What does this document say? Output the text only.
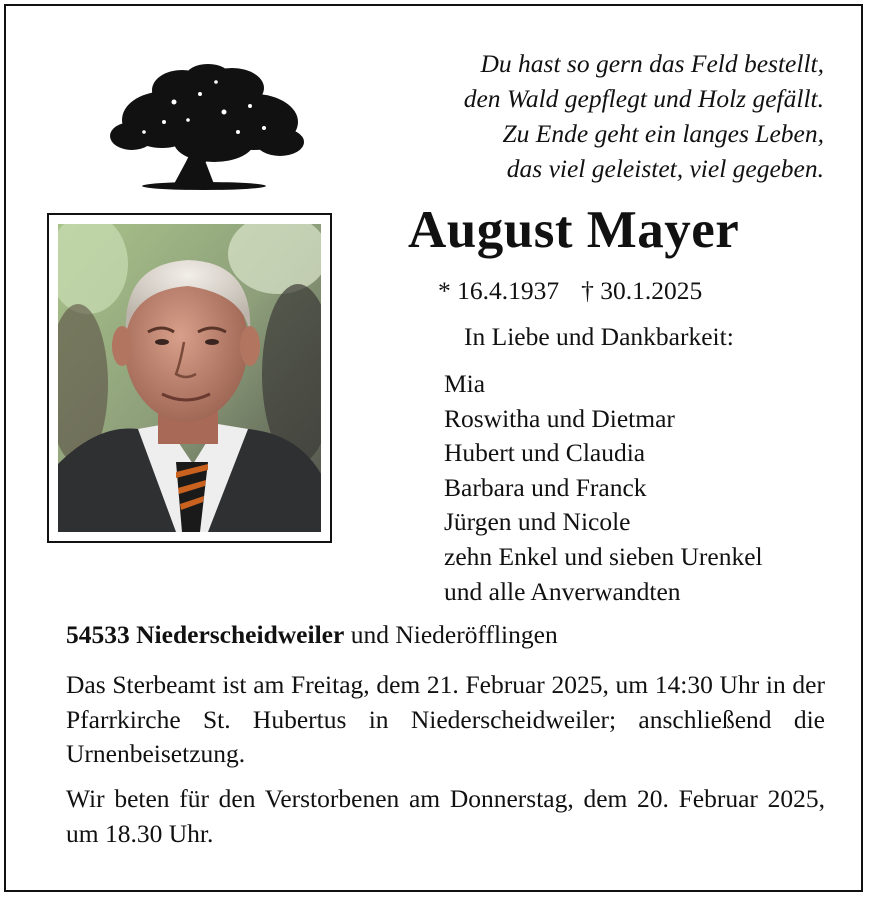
Du hast so gern das Feld bestellt,
den Wald gepflegt und Holz gefällt.
Zu Ende geht ein langes Leben,
das viel geleistet, viel gegeben.
August Mayer
* 16.4.1937 † 30.1.2025
In Liebe und Dankbarkeit:
Mia
Roswitha und Dietmar
Hubert und Claudia
Barbara und Franck
Jürgen und Nicole
zehn Enkel und sieben Urenkel
und alle Anverwandten
54533 Niederscheidweiler und Niederöfflingen
Das Sterbeamt ist am Freitag, dem 21. Februar 2025, um 14:30 Uhr in der Pfarrkirche St. Hubertus in Niederscheidweiler; anschließend die Urnenbeisetzung.
Wir beten für den Verstorbenen am Donnerstag, dem 20. Februar 2025, um 18.30 Uhr.
